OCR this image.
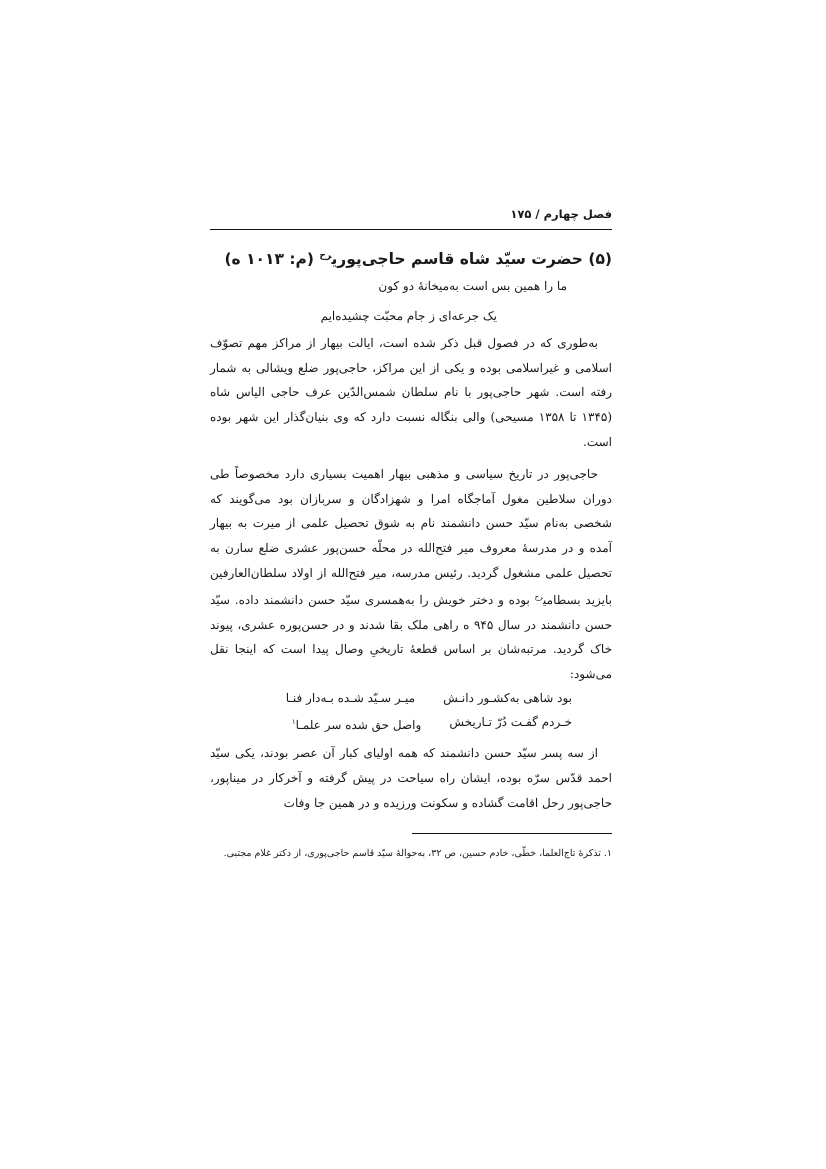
فصل چهارم / ۱۷۵
(۵) حضرت سیّد شاه قاسم حاجی‌پوری$^{رح}$ (م: ۱۰۱۳ ه)
ما را همین بس است به‌میخانهٔ دو کون
یک جرعه‌ای ز جام محبّت چشیده‌ایم

به‌طوری که در فصول قبل ذکر شده است، ایالت بیهار از مراکز مهم تصوّف اسلامی و غیراسلامی بوده و یکی از این مراکز، حاجی‌پور ضلع ویشالی به شمار رفته است. شهر حاجی‌پور با نام سلطان شمس‌الدّین عرف حاجی الیاس شاه (۱۳۴۵ تا ۱۳۵۸ مسیحی) والی بنگاله نسبت دارد که وی بنیان‌گذار این شهر بوده است.

حاجی‌پور در تاریخ سیاسی و مذهبی بیهار اهمیت بسیاری دارد مخصوصاً طی دوران سلاطین مغول آماجگاه امرا و شهزادگان و سربازان بود می‌گویند که شخصی به‌نام سیّد حسن دانشمند نام به شوق تحصیل علمی از میرت به بیهار آمده و در مدرسهٔ معروف میر فتح‌الله در محلّه حسن‌پور عشری ضلع سارن به تحصیل علمی مشغول گردید. رئیس مدرسه، میر فتح‌الله از اولاد سلطان‌العارفین بایزید بسطامی$^{رح}$ بوده و دختر خویش را به‌همسری سیّد حسن دانشمند داده. سیّد حسن دانشمند در سال ۹۴۵ ه راهی ملک بقا شدند و در حسن‌پوره عشری، پیوند خاک گردید. مرتبه‌شان بر اساس قطعهٔ تاریخیِ وصال پیدا است که اینجا نقل می‌شود:

بود شاهی به‌کشـور دانـش
میـر سـیّد شـده بـه‌دار فنـا
خـردم گفـت دُرّ تـاریخش
واصل حق شده سر علمـا$^۱$

از سه پسر سیّد حسن دانشمند که همه اولیای کبار آن عصر بودند، یکی سیّد احمد قدّس سرّه بوده، ایشان راه سیاحت در پیش گرفته و آخرکار در میناپور، حاجی‌پور رحل اقامت گشاده و سکونت ورزیده و در همین جا وفات

۱. تذکرهٔ تاج‌العلما، خطّی، خادم حسین، ص ۳۲، به‌حوالهٔ سیّد قاسم حاجی‌پوری، از دکتر غلام مجتبی.
